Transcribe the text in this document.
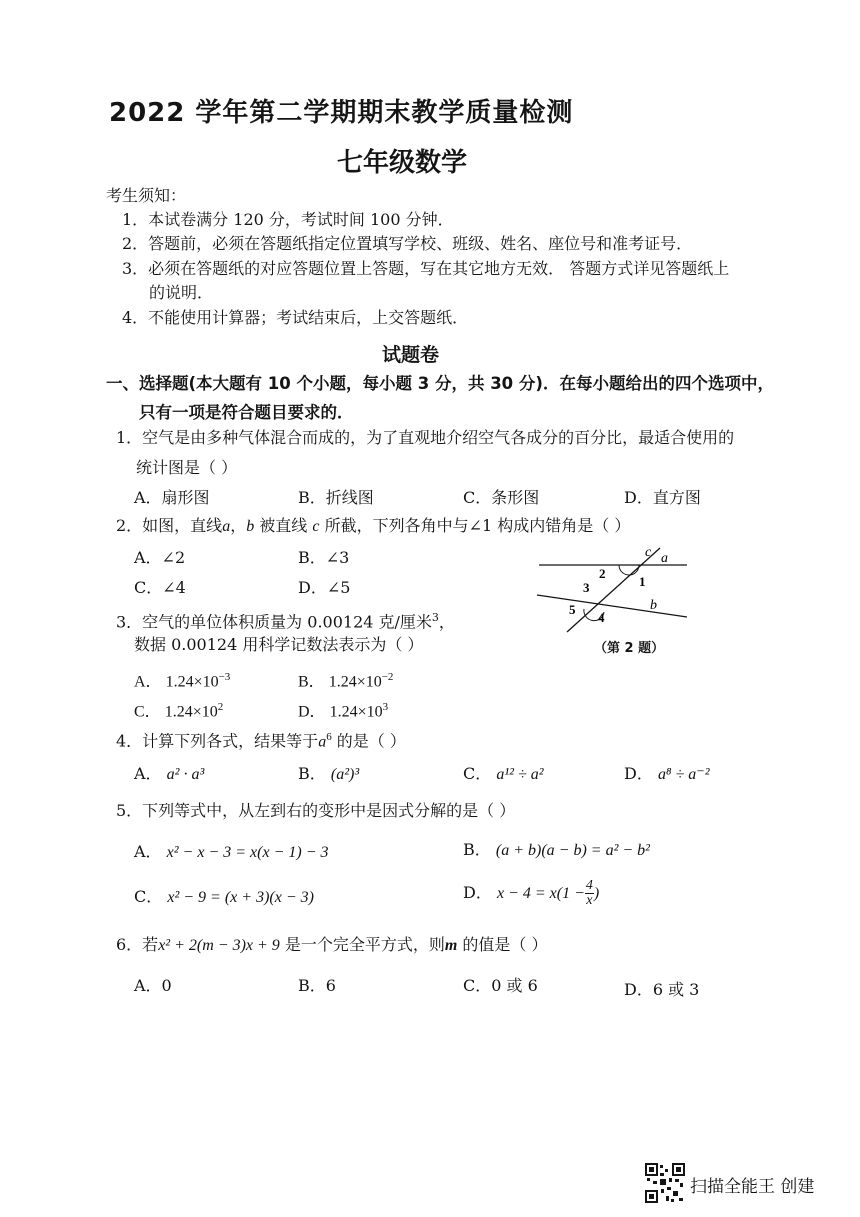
2022 学年第二学期期末教学质量检测
七年级数学
考生须知：
1．本试卷满分 120 分，考试时间 100 分钟．
2．答题前，必须在答题纸指定位置填写学校、班级、姓名、座位号和准考证号．
3．必须在答题纸的对应答题位置上答题，写在其它地方无效． 答题方式详见答题纸上
的说明．
4．不能使用计算器；考试结束后，上交答题纸．
试题卷
一、选择题(本大题有 10 个小题，每小题 3 分，共 30 分)．在每小题给出的四个选项中，
只有一项是符合题目要求的．
1．空气是由多种气体混合而成的，为了直观地介绍空气各成分的百分比，最适合使用的
统计图是（ ）
A．扇形图	B．折线图	C．条形图	D．直方图
2．如图，直线a，b 被直线 c 所截，下列各角中与∠1 构成内错角是（ ）
A．∠2	B．∠3
C．∠4	D．∠5
c a
b
2
1
3
5
4
（第 2 题）
3．空气的单位体积质量为 0.00124 克/厘米$^3$，
数据 0.00124 用科学记数法表示为（ ）
A． $1.24\times 10^{-3}$	B． $1.24\times 10^{-2}$
C． $1.24\times 10^2$	D． $1.24\times 10^3$
4．计算下列各式，结果等于$a^6$ 的是（ ）
A． a² · a³	B． (a²)³	C． a¹² ÷ a²	D． a⁸ ÷ a⁻²
5．下列等式中，从左到右的变形中是因式分解的是（ ）
A． x² − x − 3 = x(x − 1) − 3	B． (a + b)(a − b) = a² − b²
C． x² − 9 = (x + 3)(x − 3)	D． $x - 4 = x(1 - \frac{4}{x}$ )
6．若x² + 2(m − 3)x + 9 是一个完全平方式，则m 的值是（ ）
A．0	B．6	C．0 或 6	D．6 或 3
扫描全能王 创建
